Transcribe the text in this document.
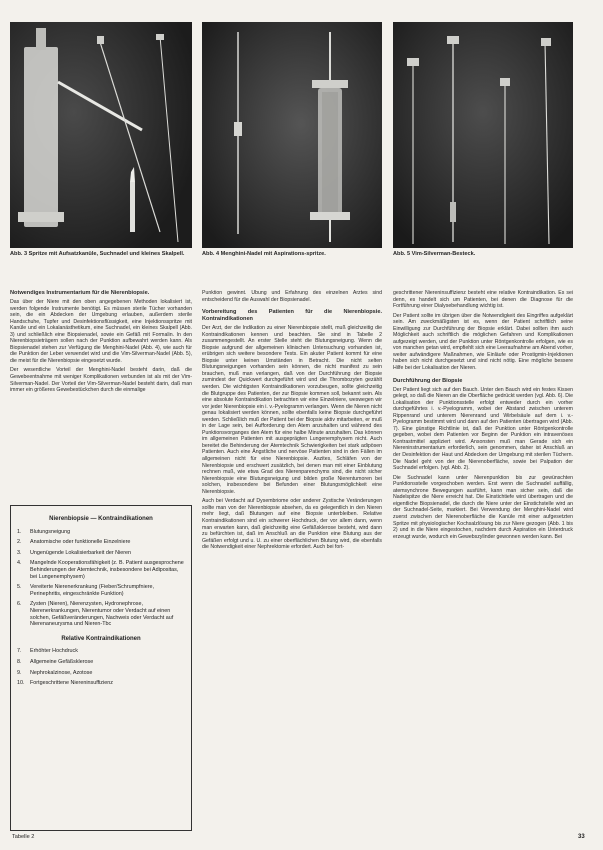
Abb. 3 Spritze mit Aufsatzkanüle, Suchnadel und kleines Skalpell.	Abb. 4 Menghini-Nadel mit Aspirations-spritze.	Abb. 5 Vim-Silverman-Besteck.
Notwendiges Instrumentarium für die Nierenbiopsie.

Das über der Niere mit den oben angegebenen Methoden lokalisiert ist, werden folgende Instrumente benötigt. Es müssen sterile Tücher vorhanden sein, die ein Abdecken der Umgebung erlauben, außerdem sterile Handschuhe, Tupfer und Desinfektionsflüssigkeit, eine Injektionsspritze mit Kanüle und ein Lokalanästhetikum, eine Suchnadel, ein kleines Skalpell (Abb. 3) und schließlich eine Biopsienadel, sowie ein Gefäß mit Formalin. In den Nierenbiopsieträgern sollen nach der Punktion aufbewahrt werden kann. Als Biopsienadel stehen zur Verfügung die Menghini-Nadel (Abb. 4), wie auch für die Punktion der Leber verwendet wird und die Vim-Silverman-Nadel (Abb. 5), die meist für die Nierenbiopsie eingesetzt wurde.

Der wesentliche Vorteil der Menghini-Nadel besteht darin, daß die Gewebeentnahme mit weniger Komplikationen verbunden ist als mit der Vim-Silverman-Nadel. Der Vorteil der Vim-Silverman-Nadel besteht darin, daß man immer ein größeres Gewebestückchen durch die einmalige

Nierenbiopsie — Kontraindikationen
1. Blutungsneigung
2. Anatomische oder funktionelle Einzelniere
3. Ungenügende Lokalisierbarkeit der Nieren
4. Mangelnde Kooperationsfähigkeit (z. B. Patient ausgesprochene Behinderungen der Atemtechnik, insbesondere bei Adipositas, bei Lungenemphysem)
5. Vereiterte Nierenerkrankung (Fieber/Schrumpfniere, Perinephritis, eingeschränkte Funktion)
6. Zysten (Nieren), Nierenzysten, Hydronephrose, Nierenerkrankungen, Nierentumor oder Verdacht auf einen solchen, Gefäßveränderungen, Nachweis oder Verdacht auf Nierenaneurysma und Nieren-Tbc
Relative Kontraindikationen
7. Erhöhter Hochdruck
8. Allgemeine Gefäßsklerose
9. Nephrokalzinose, Azotose
10. Fortgeschrittene Niereninsuffizienz
Tabelle 2

Punktion gewinnt. Übung und Erfahrung des einzelnen Arztes sind entscheidend für die Auswahl der Biopsienadel.

Vorbereitung des Patienten für die Nierenbiopsie. Kontraindikationen

Der Arzt, der die Indikation zu einer Nierenbiopsie stellt, muß gleichzeitig die Kontraindikationen kennen und beachten. Sie sind in Tabelle 2 zusammengestellt. An erster Stelle steht die Blutungsneigung. Wenn die Biopsie aufgrund der allgemeinen klinischen Untersuchung vorhanden ist, erübrigen sich weitere besondere Tests. Ein akuter Patient kommt für eine Biopsie unter keinen Umständen in Betracht. Die nicht selten Blutungsneigungen vorhanden sein können, die nicht manifest zu sein brauchen, muß man verlangen, daß von der Durchführung der Biopsie zumindest der Quickwert durchgeführt wird und die Thrombozyten gezählt werden. Die wichtigsten Kontraindikationen vorzubeugen, sollte gleichzeitig die Blutgruppe des Patienten, der zur Biopsie kommen soll, bekannt sein. Als eine absolute Kontraindikation betrachten wir eine Einzelniere, weswegen wir vor jeder Nierenbiopsie ein i. v.-Pyelogramm verlangen. Wenn die Nieren nicht genau lokalisiert werden können, sollte ebenfalls keine Biopsie durchgeführt werden. Schließlich muß der Patient bei der Biopsie aktiv mitarbeiten, er muß in der Lage sein, bei Aufforderung den Atem anzuhalten und während des Punktionsvorganges den Atem für eine halbe Minute anzuhalten. Das können im allgemeinen Patienten mit ausgeprägten Lungenemphysem nicht. Auch bereitet die Behinderung der Atemtechnik Schwierigkeiten bei stark adipösen Patienten. Auch eine Ängstliche und nervöse Patienten sind in den Fällen im allgemeinen nicht für eine Nierenbiopsie. Aszites, Schläfen von der Nierenbiopsie und erschwert zusätzlich, bei denen man mit einer Einblutung rechnen muß, wie etwa Grad des Nierenparenchyms sind, die nicht sicher Nierenbiopsie eine Blutungsneigung und bilden große Nierentumoren bei solchen, insbesondere bei Befunden einer Blutungsmöglichkeit eine Nierenbiopsie.

Auch bei Verdacht auf Dysembriome oder anderer Zystische Veränderungen sollte man von der Nierenbiopsie absehen, da es gelegentlich in den Nieren mehr liegt, daß Blutungen auf eine Biopsie unterbleiben. Relative Kontraindikationen sind ein schwerer Hochdruck, der vor allem dann, wenn man erwarten kann, daß gleichzeitig eine Gefäßsklerose besteht, wird dann zu befürchten ist, daß im Anschluß an die Punktion eine Blutung aus der Gefäßen erfolgt und u. U. zu einer oberflächlichen Blutung wird, die ebenfalls die Notwendigkeit einer Nephrektomie erfordert. Auch bei fort-

geschrittener Niereninsuffizienz besteht eine relative Kontraindikation. Es sei denn, es handelt sich um Patienten, bei denen die Diagnose für die Fortführung einer Dialysebehandlung wichtig ist.

Der Patient sollte im übrigen über die Notwendigkeit des Eingriffes aufgeklärt sein. Am zweckmäßigsten ist es, wenn der Patient schriftlich seine Einwilligung zur Durchführung der Biopsie erklärt. Dabei sollten ihm auch Möglichkeit auch schriftlich die möglichen Gefahren und Komplikationen aufgezeigt werden, und der Punktion unter Röntgenkontrolle erfolgen, wie es von manchen getan wird, empfiehlt sich eine Leeraufnahme am Abend vorher, weiter aufwändigere Maßnahmen, wie Einläufe oder Prostigmin-Injektionen haben sich nicht durchgesetzt und sind nicht nötig. Eine mögliche bessere Hilfe bei der Lokalisation der Nieren.

Durchführung der Biopsie

Der Patient liegt sich auf den Bauch. Unter den Bauch wird ein festes Kissen gelegt, so daß die Nieren an die Oberfläche gedrückt werden (vgl. Abb. 6). Die Lokalisation der Punktionsstelle erfolgt entweder durch ein vorher durchgeführtes i. v.-Pyelogramm, wobei der Abstand zwischen unterem Rippenrand und unterem Nierenrand und Wirbelsäule auf dem i. v.-Pyelogramm bestimmt wird und dann auf den Patienten übertragen wird (Abb. 7). Eine günstige Richtlinie ist, daß der Punktion unter Röntgenkontrolle gegeben, wobei dem Patienten vor Beginn der Punktion ein intravenöses Kontrastmittel appliziert wird. Ansonsten muß man Gerade sich ein Niereninstrumentarium erforderlich, sein genommen, daher ist Anschluß an der Desinfektion der Haut und Abdecken der Umgebung mit sterilen Tüchern. Die Nadel geht von der die Nierenoberfläche, sowie bei Palpation der Suchnadel erfolgen. (vgl. Abb. 2).

Die Suchnadel kann unter Nierenpunktion bis zur gewünschten Punktionsstelle vorgeschoben werden. Erst wenn die Suchnadel auffällig, atemsynchrone Bewegungen ausführt, kann man sicher sein, daß die Nadelspitze die Niere erreicht hat. Die Einstichtiefe wird übertragen und die eigentliche Biopsienadel, die durch die Niere unter der Einstichstelle wird an der Suchnadel-Seite, markiert. Bei Verwendung der Menghini-Nadel wird zuerst zwischen der Nierenoberfläche die Kanüle mit einer aufgesetzten Spritze mit physiologischer Kochsalzlösung bis zur Niere gezogen (Abb. 1 bis 2) und in die Niere eingestochen, nachdem durch Aspiration ein Unterdruck erzeugt wurde, wodurch ein Gewebszylinder gewonnen werden kann. Bei

33
